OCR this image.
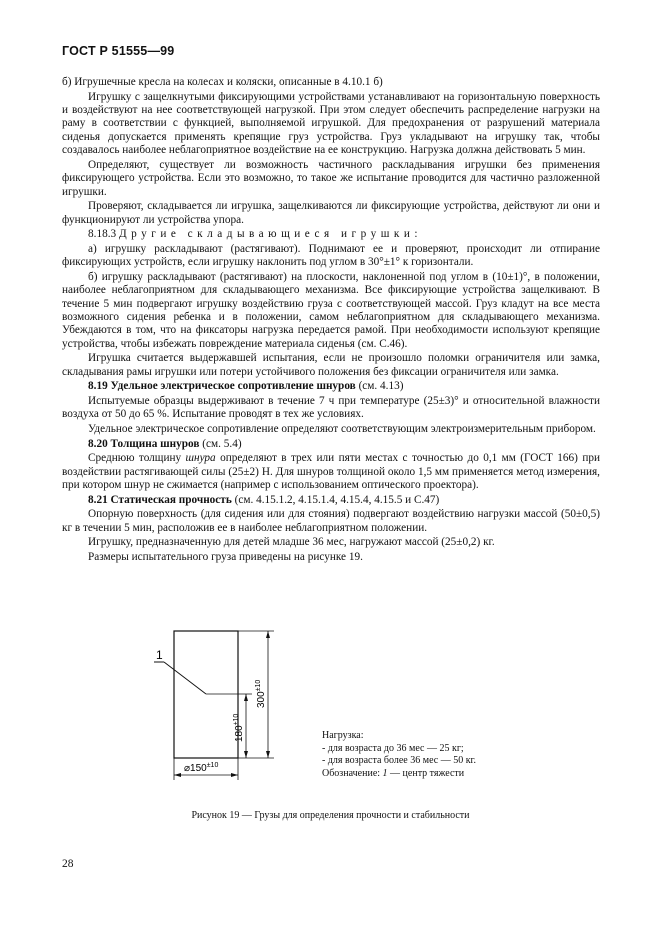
ГОСТ Р 51555—99

б) Игрушечные кресла на колесах и коляски, описанные в 4.10.1 б)

Игрушку с защелкнутыми фиксирующими устройствами устанавливают на горизонтальную поверхность и воздействуют на нее соответствующей нагрузкой. При этом следует обеспечить распределение нагрузки на раму в соответствии с функцией, выполняемой игрушкой. Для предохранения от разрушений материала сиденья допускается применять крепящие груз устройства. Груз укладывают на игрушку так, чтобы создавалось наиболее неблагоприятное воздействие на ее конструкцию. Нагрузка должна действовать 5 мин.

Определяют, существует ли возможность частичного раскладывания игрушки без применения фиксирующего устройства. Если это возможно, то такое же испытание проводится для частично разложенной игрушки.

Проверяют, складывается ли игрушка, защелкиваются ли фиксирующие устройства, действуют ли они и функционируют ли устройства упора.

8.18.3 Другие складывающиеся игрушки:

а) игрушку раскладывают (растягивают). Поднимают ее и проверяют, происходит ли отпирание фиксирующих устройств, если игрушку наклонить под углом в 30°±1° к горизонтали.

б) игрушку раскладывают (растягивают) на плоскости, наклоненной под углом в (10±1)°, в положении, наиболее неблагоприятном для складывающего механизма. Все фиксирующие устройства защелкивают. В течение 5 мин подвергают игрушку воздействию груза с соответствующей массой. Груз кладут на все места возможного сидения ребенка и в положении, самом неблагоприятном для складывающего механизма. Убеждаются в том, что на фиксаторы нагрузка передается рамой. При необходимости используют крепящие устройства, чтобы избежать повреждение материала сиденья (см. С.46).

Игрушка считается выдержавшей испытания, если не произошло поломки ограничителя или замка, складывания рамы игрушки или потери устойчивого положения без фиксации ограничителя или замка.

8.19 Удельное электрическое сопротивление шнуров (см. 4.13)

Испытуемые образцы выдерживают в течение 7 ч при температуре (25±3)° и относительной влажности воздуха от 50 до 65 %. Испытание проводят в тех же условиях.

Удельное электрическое сопротивление определяют соответствующим электроизмерительным прибором.

8.20 Толщина шнуров (см. 5.4)

Среднюю толщину шнура определяют в трех или пяти местах с точностью до 0,1 мм (ГОСТ 166) при воздействии растягивающей силы (25±2) Н. Для шнуров толщиной около 1,5 мм применяется метод измерения, при котором шнур не сжимается (например с использованием оптического проектора).

8.21 Статическая прочность (см. 4.15.1.2, 4.15.1.4, 4.15.4, 4.15.5 и С.47)

Опорную поверхность (для сидения или для стояния) подвергают воздействию нагрузки массой (50±0,5) кг в течении 5 мин, расположив ее в наиболее неблагоприятном положении.

Игрушку, предназначенную для детей младше 36 мес, нагружают массой (25±0,2) кг.

Размеры испытательного груза приведены на рисунке 19.

1
$300^{\pm 10}$
$180^{\pm 10}$
$⌀150^{\pm 10}$
Нагрузка:
- для возраста до 36 мес — 25 кг;
- для возраста более 36 мес — 50 кг.
Обозначение: 1 — центр тяжести
Рисунок 19 — Грузы для определения прочности и стабильности
28
